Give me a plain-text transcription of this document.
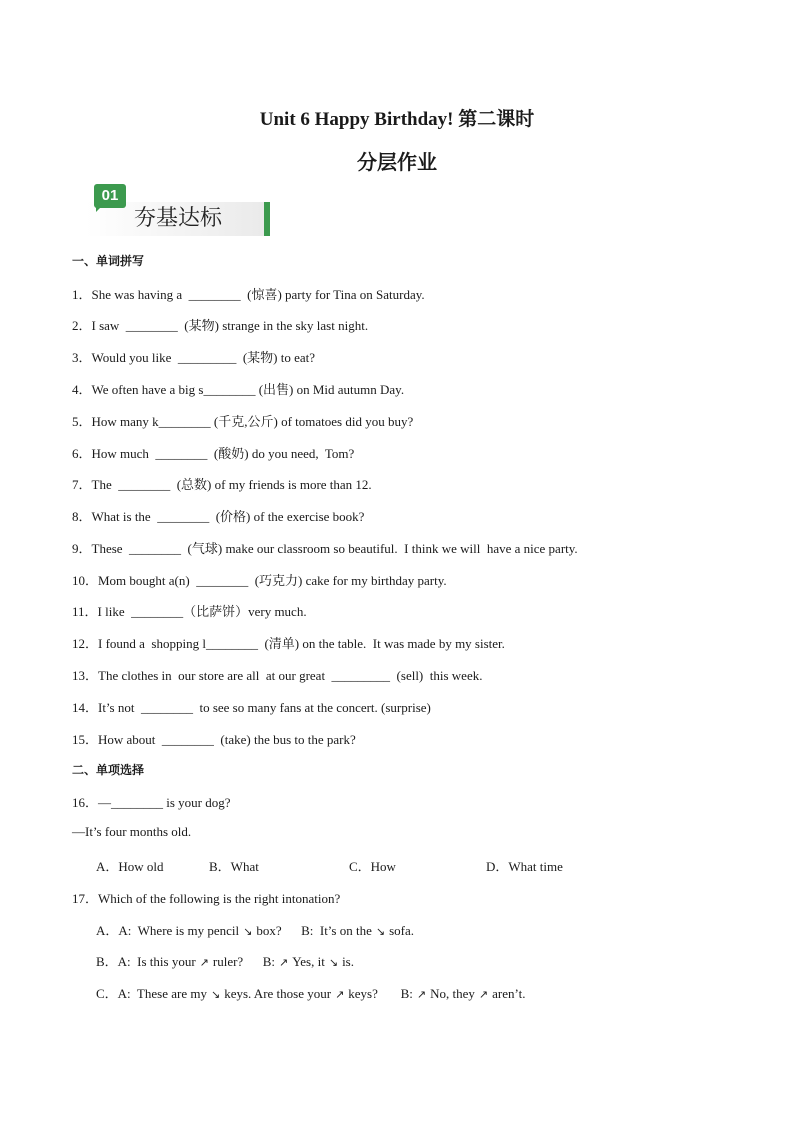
Unit 6 Happy Birthday! 第二课时
分层作业
01
夯基达标
一、单词拼写
1．She was having a  ________  (惊喜) party for Tina on Saturday.
2．I saw  ________  (某物) strange in the sky last night.
3．Would you like  _________  (某物) to eat?
4．We often have a big s________ (出售) on Mid autumn Day.
5．How many k________ (千克,公斤) of tomatoes did you buy?
6．How much  ________  (酸奶) do you need,  Tom?
7．The  ________  (总数) of my friends is more than 12.
8．What is the  ________  (价格) of the exercise book?
9．These  ________  (气球) make our classroom so beautiful.  I think we will  have a nice party.
10．Mom bought a(n)  ________  (巧克力) cake for my birthday party.
11．I like  ________（比萨饼）very much.
12．I found a  shopping l________  (清单) on the table.  It was made by my sister.
13．The clothes in  our store are all  at our great  _________  (sell)  this week.
14．It’s not  ________  to see so many fans at the concert. (surprise)
15．How about  ________  (take) the bus to the park?
二、单项选择
16．—________ is your dog?
—It’s four months old.
A．How old	B．What	C．How	D．What time
17．Which of the following is the right intonation?
A．A:  Where is my pencil ↘ box?      B:  It’s on the ↘ sofa.
B．A:  Is this your ↗ ruler?      B: ↗ Yes, it ↘ is.
C．A:  These are my ↘ keys. Are those your ↗ keys?       B: ↗ No, they ↗ aren’t.
